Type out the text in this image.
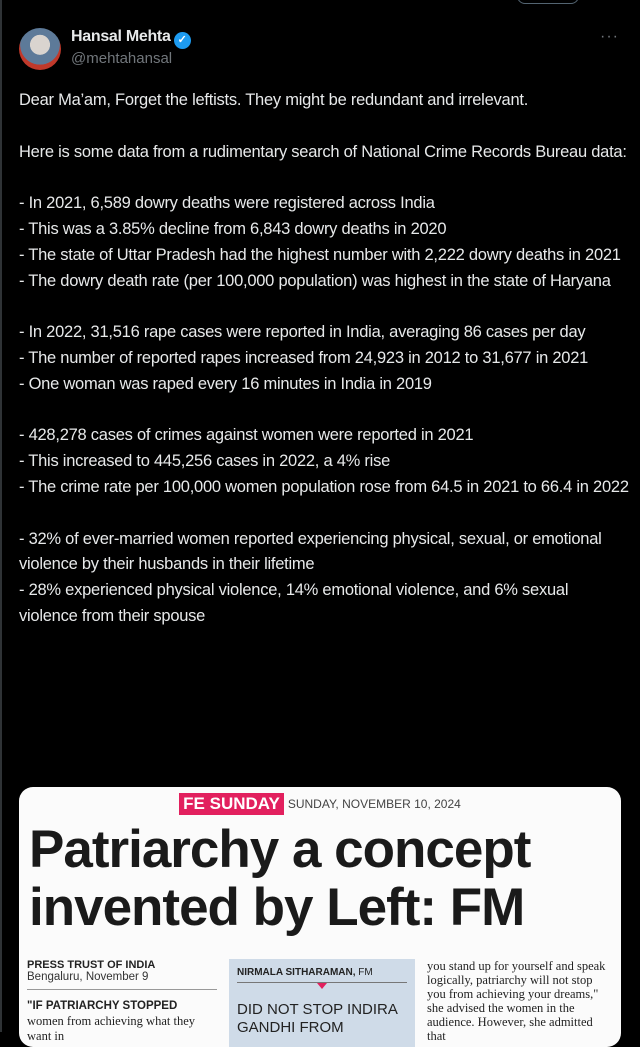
Hansal Mehta ✓
@mehtahansal
···

Dear Ma’am, Forget the leftists. They might be redundant and irrelevant.

Here is some data from a rudimentary search of National Crime Records Bureau data:

- In 2021, 6,589 dowry deaths were registered across India

- This was a 3.85% decline from 6,843 dowry deaths in 2020

- The state of Uttar Pradesh had the highest number with 2,222 dowry deaths in 2021

- The dowry death rate (per 100,000 population) was highest in the state of Haryana

- In 2022, 31,516 rape cases were reported in India, averaging 86 cases per day

- The number of reported rapes increased from 24,923 in 2012 to 31,677 in 2021

- One woman was raped every 16 minutes in India in 2019

- 428,278 cases of crimes against women were reported in 2021

- This increased to 445,256 cases in 2022, a 4% rise

- The crime rate per 100,000 women population rose from 64.5 in 2021 to 66.4 in 2022

- 32% of ever-married women reported experiencing physical, sexual, or emotional violence by their husbands in their lifetime

- 28% experienced physical violence, 14% emotional violence, and 6% sexual violence from their spouse

FE SUNDAY SUNDAY, NOVEMBER 10, 2024
Patriarchy a concept
invented by Left: FM
PRESS TRUST OF INDIA
Bengaluru, November 9
"IF PATRIARCHY STOPPED women from achieving what they want in
NIRMALA SITHARAMAN, FM
DID NOT STOP INDIRA GANDHI FROM
you stand up for yourself and speak logically, patriarchy will not stop you from achieving your dreams," she advised the women in the audience. However, she admitted that
